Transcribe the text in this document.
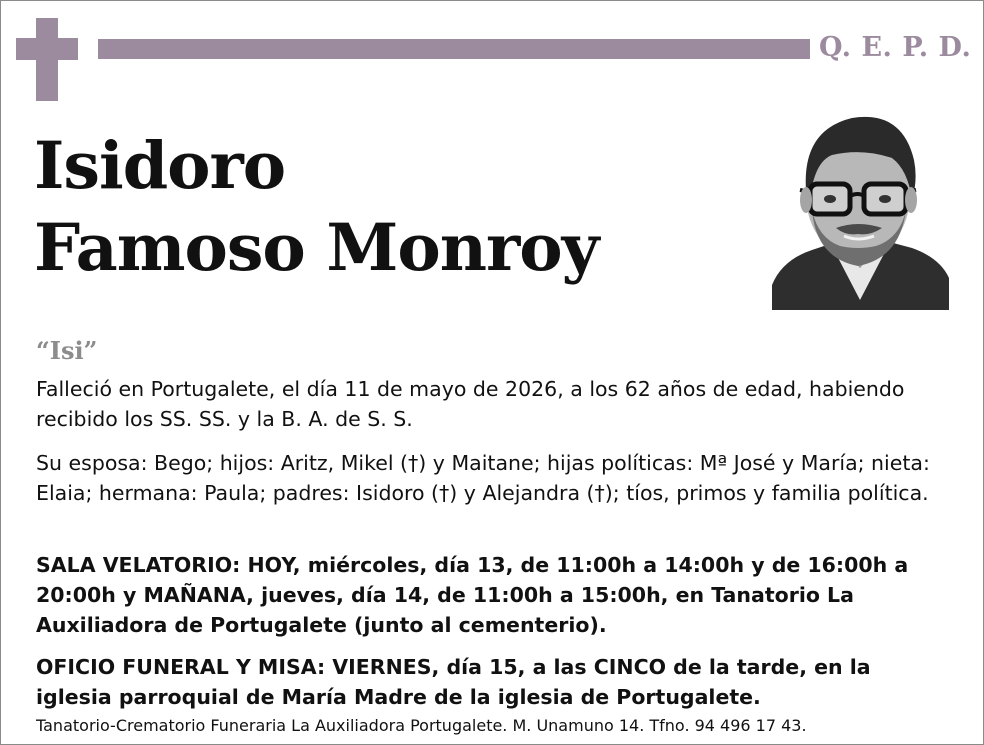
Q. E. P. D.
Isidoro
Famoso Monroy
“Isi”
Falleció en Portugalete, el día 11 de mayo de 2026, a los 62 años de edad, habiendo recibido los SS. SS. y la B. A. de S. S.
Su esposa: Bego; hijos: Aritz, Mikel (†) y Maitane; hijas políticas: Mª José y María; nieta: Elaia; hermana: Paula; padres: Isidoro (†) y Alejandra (†); tíos, primos y familia política.
SALA VELATORIO: HOY, miércoles, día 13, de 11:00h a 14:00h y de 16:00h a 20:00h y MAÑANA, jueves, día 14, de 11:00h a 15:00h, en Tanatorio La Auxiliadora de Portugalete (junto al cementerio).
OFICIO FUNERAL Y MISA: VIERNES, día 15, a las CINCO de la tarde, en la iglesia parroquial de María Madre de la iglesia de Portugalete.
Tanatorio-Crematorio Funeraria La Auxiliadora Portugalete. M. Unamuno 14. Tfno. 94 496 17 43.
